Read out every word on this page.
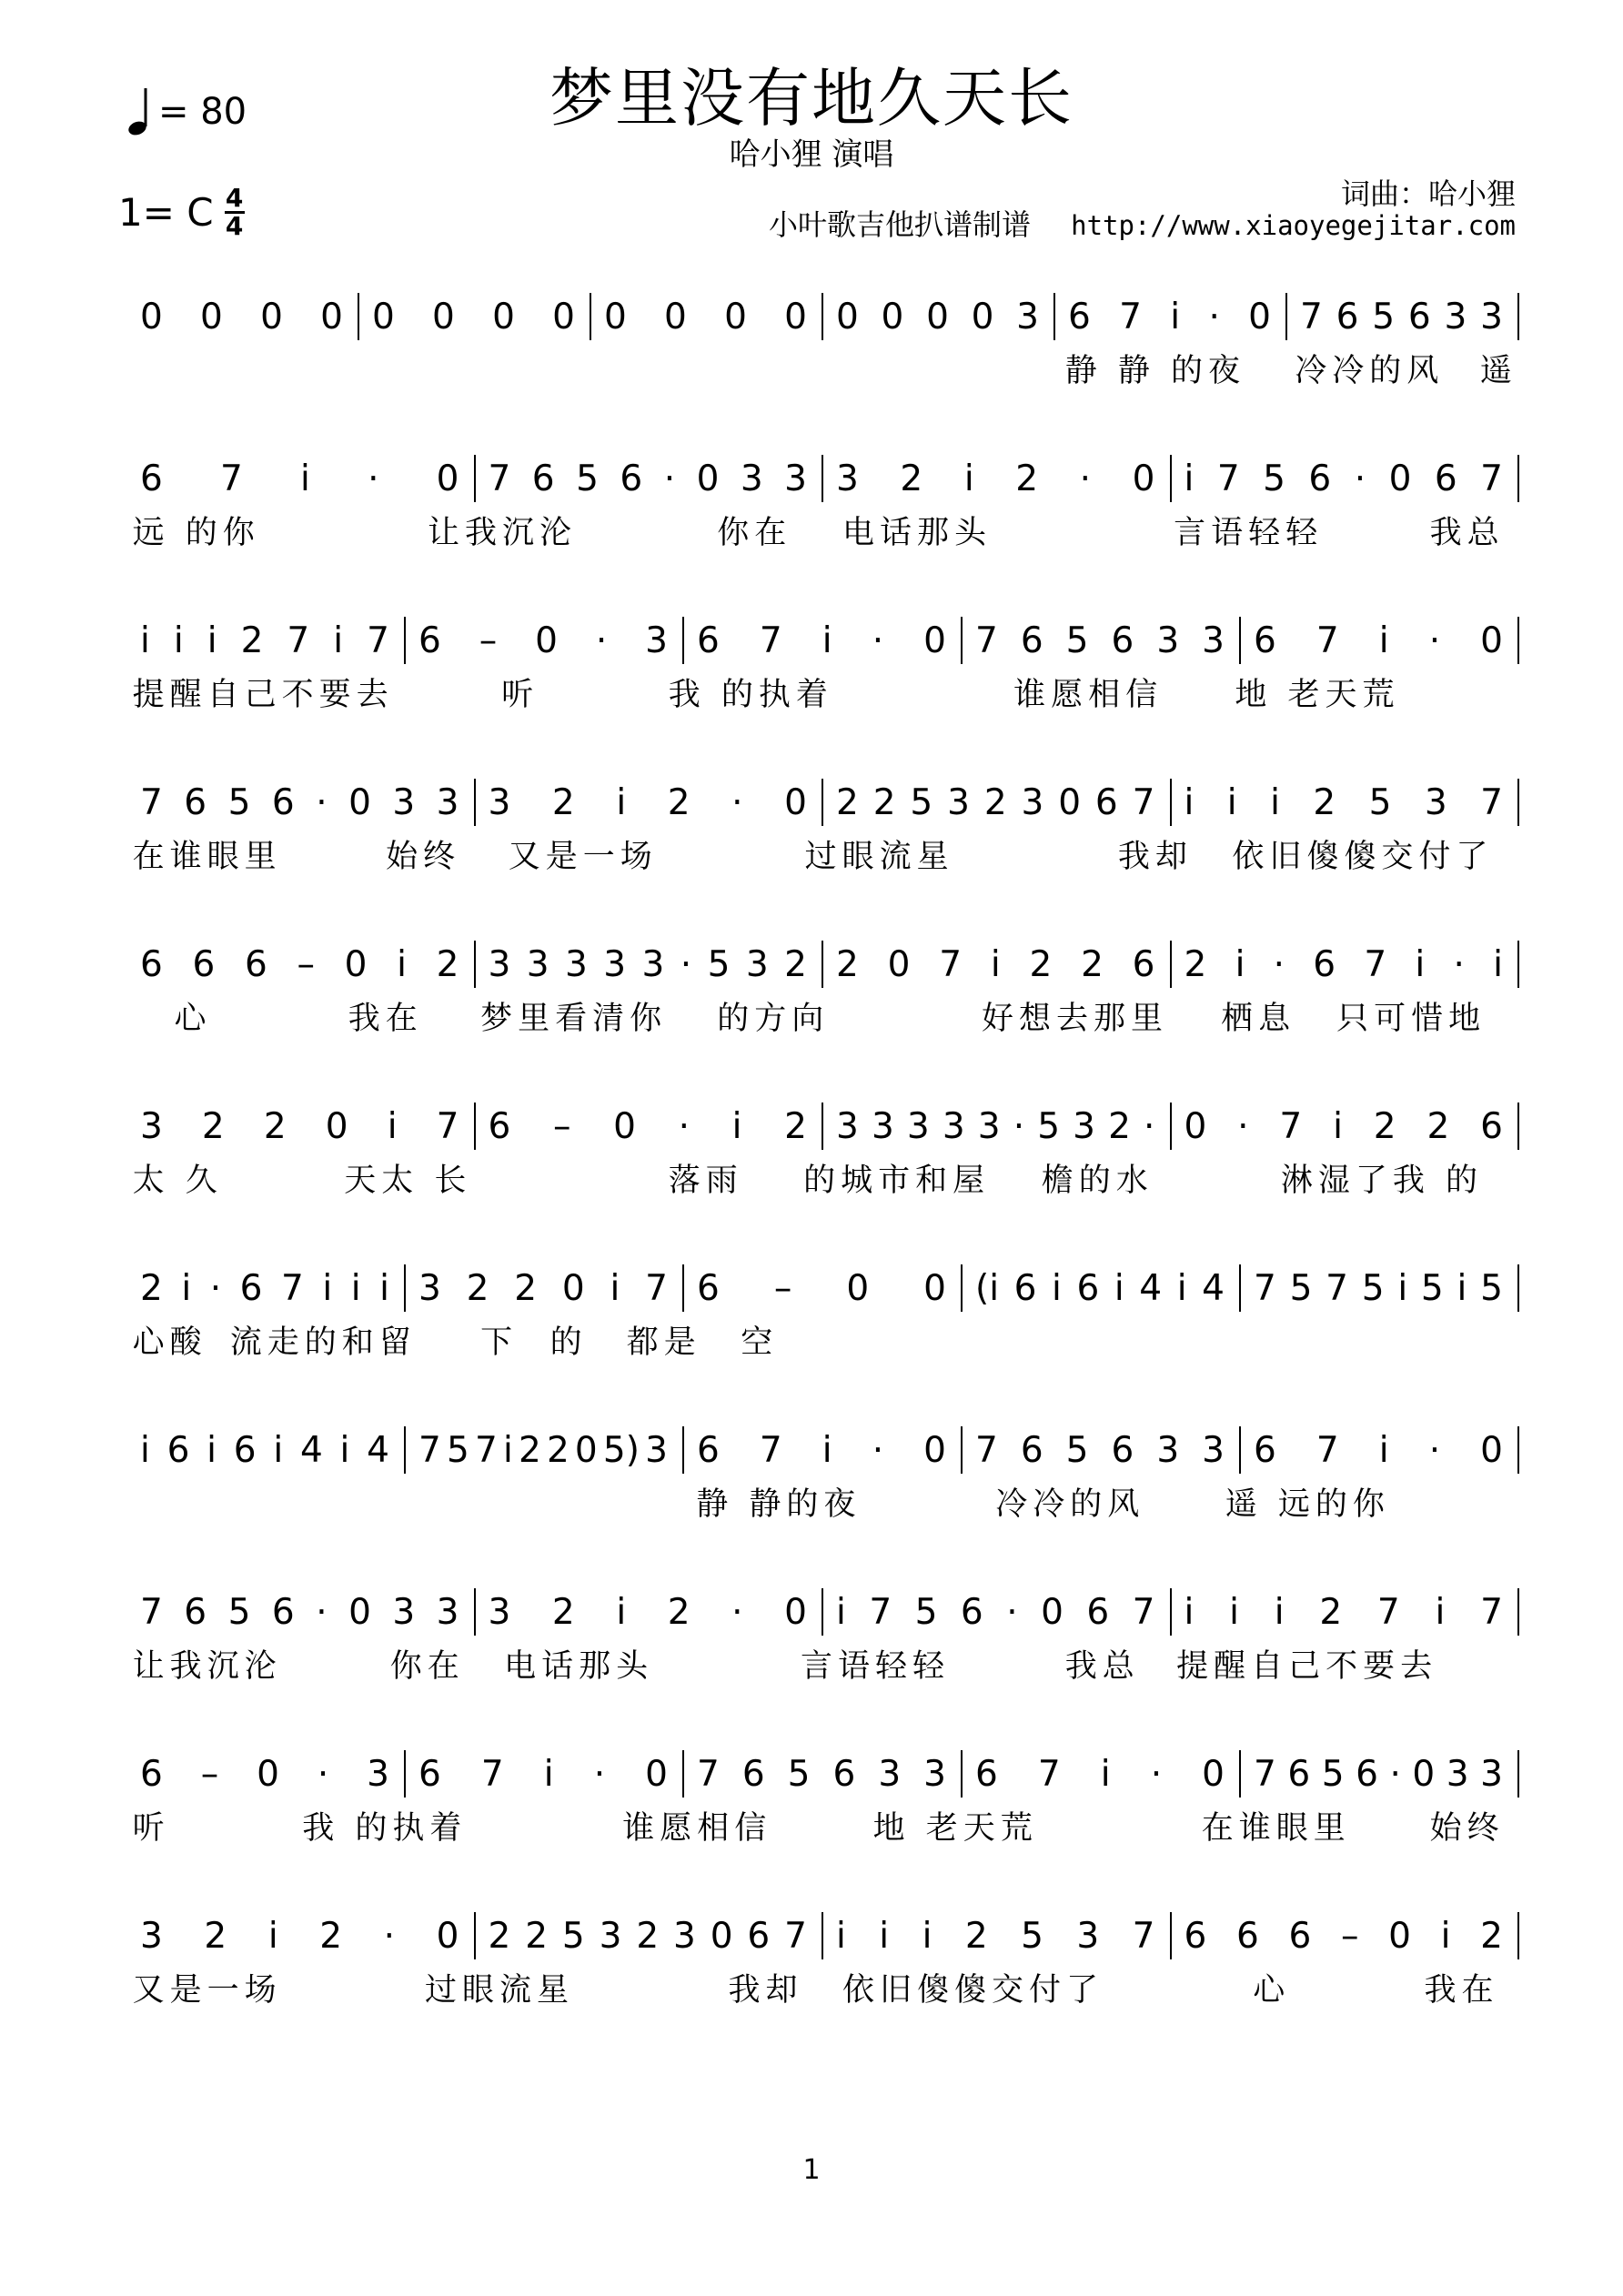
梦里没有地久天长
哈小狸 演唱
= 80
1= C 4
4
词曲：哈小狸
小叶歌吉他扒谱制谱 http://www.xiaoyegejitar.com
0 0 0 0 0 0 0 0 0 0 0 0 0 0 0 0 3 6 7 i · 0 7 6 5 6 3 3
静 静 的夜 冷冷的风 遥
6 7 i · 0 7 6 5 6 · 0 3 3 3 2 i 2 · 0 i 7 5 6 · 0 6 7
远 的你	让我沉沦	你在 电话那头	言语轻轻	我总
i i i 2 7 i 7 6 – 0 · 3 6 7 i · 0 7 6 5 6 3 3 6 7 i · 0
提醒自己不要去	听	我 的执着	谁愿相信 地 老天荒
7 6 5 6 · 0 3 3 3 2 i 2 · 0 2 2 5 3 2 3 0 6 7 i i i 2 5 3 7
在谁眼里	始终 又是一场	过眼流星	我却 依旧傻傻交付了
6 6 6 – 0 i 2 3 3 3 3 3 · 5 3 2 2 0 7 i 2 2 6 2 i · 6 7 i · i
心	我在 梦里看清你 的方向	好想去那里 栖息 只可惜地
3 2 2 0 i 7 6 – 0 · i 2 3 3 3 3 3 · 5 3 2 · 0 · 7 i 2 2 6
太 久	天太 长	落雨 的城市和屋 檐的水	淋湿了我 的
2 i · 6 7 i i i 3 2 2 0 i 7 6 – 0 0 (i 6 i 6 i 4 i 4 7 5 7 5 i 5 i 5
心酸 流走的和留 下 的 都是 空
i 6 i 6 i 4 i 4 7 5 7 i 2 2 0 5) 3 6 7 i · 0 7 6 5 6 3 3 6 7 i · 0
静 静的夜	冷冷的风	遥 远的你
7 6 5 6 · 0 3 3 3 2 i 2 · 0 i 7 5 6 · 0 6 7 i i i 2 7 i 7
让我沉沦	你在 电话那头	言语轻轻	我总 提醒自己不要去
6 – 0 · 3 6 7 i · 0 7 6 5 6 3 3 6 7 i · 0 7 6 5 6 · 0 3 3
听	我 的执着	谁愿相信	地 老天荒	在谁眼里 始终
3 2 i 2 · 0 2 2 5 3 2 3 0 6 7 i i i 2 5 3 7 6 6 6 – 0 i 2
又是一场	过眼流星	我却 依旧傻傻交付了	心	我在
1
